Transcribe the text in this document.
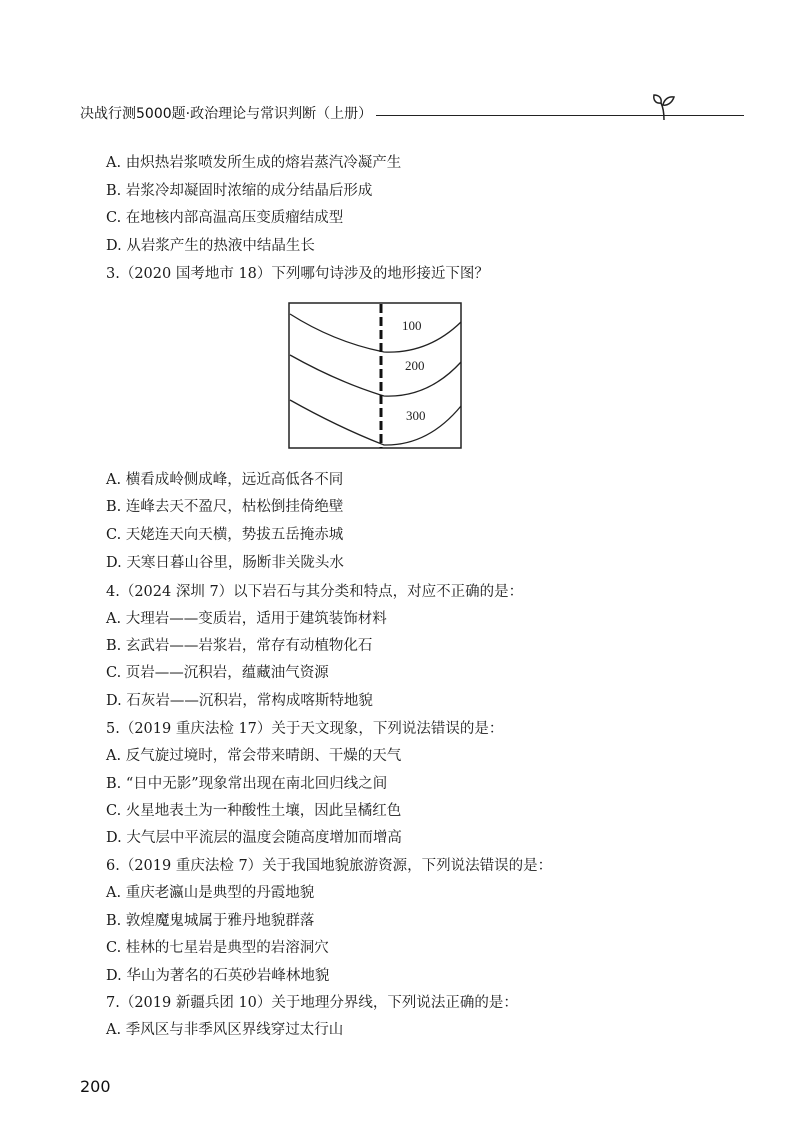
决战行测5000题·政治理论与常识判断（上册）
A. 由炽热岩浆喷发所生成的熔岩蒸汽冷凝产生
B. 岩浆冷却凝固时浓缩的成分结晶后形成
C. 在地核内部高温高压变质瘤结成型
D. 从岩浆产生的热液中结晶生长
3.（2020 国考地市 18）下列哪句诗涉及的地形接近下图？
100
200
300
A. 横看成岭侧成峰，远近高低各不同
B. 连峰去天不盈尺，枯松倒挂倚绝壁
C. 天姥连天向天横，势拔五岳掩赤城
D. 天寒日暮山谷里，肠断非关陇头水
4.（2024 深圳 7）以下岩石与其分类和特点，对应不正确的是：
A. 大理岩——变质岩，适用于建筑装饰材料
B. 玄武岩——岩浆岩，常存有动植物化石
C. 页岩——沉积岩，蕴藏油气资源
D. 石灰岩——沉积岩，常构成喀斯特地貌
5.（2019 重庆法检 17）关于天文现象，下列说法错误的是：
A. 反气旋过境时，常会带来晴朗、干燥的天气
B. “日中无影”现象常出现在南北回归线之间
C. 火星地表土为一种酸性土壤，因此呈橘红色
D. 大气层中平流层的温度会随高度增加而增高
6.（2019 重庆法检 7）关于我国地貌旅游资源，下列说法错误的是：
A. 重庆老瀛山是典型的丹霞地貌
B. 敦煌魔鬼城属于雅丹地貌群落
C. 桂林的七星岩是典型的岩溶洞穴
D. 华山为著名的石英砂岩峰林地貌
7.（2019 新疆兵团 10）关于地理分界线，下列说法正确的是：
A. 季风区与非季风区界线穿过太行山
200
